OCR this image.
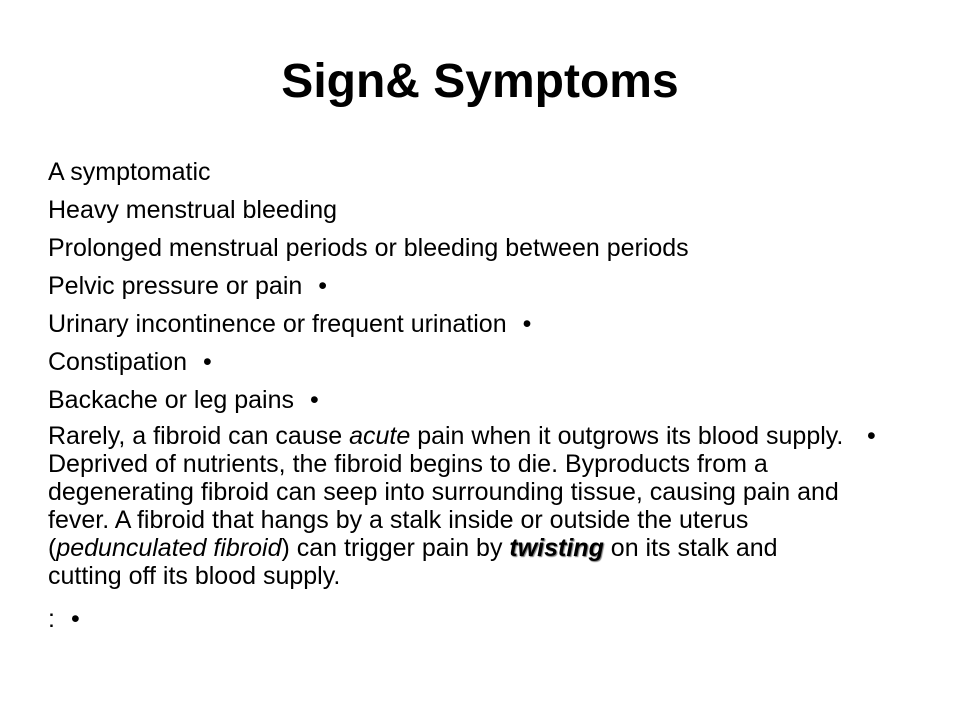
Sign& Symptoms
A symptomatic
Heavy menstrual bleeding
Prolonged menstrual periods or bleeding between periods
Pelvic pressure or pain •
Urinary incontinence or frequent urination •
Constipation •
Backache or leg pains •
Rarely, a fibroid can cause acute pain when it outgrows its blood supply. Deprived of nutrients, the fibroid begins to die. Byproducts from a degenerating fibroid can seep into surrounding tissue, causing pain and fever. A fibroid that hangs by a stalk inside or outside the uterus (pedunculated fibroid) can trigger pain by twisting on its stalk and cutting off its blood supply.
•
: •
